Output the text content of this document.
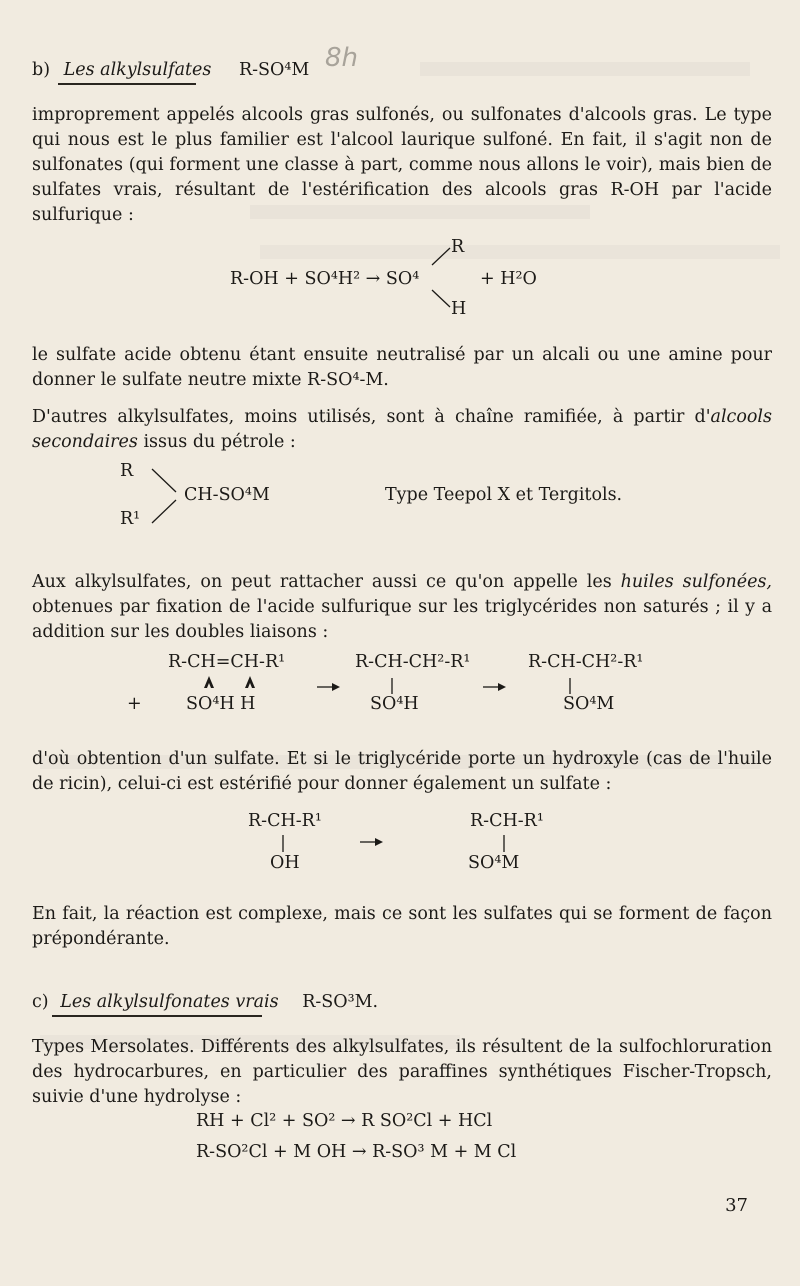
b) Les alkylsulfates R-SO⁴M 8h
improprement appelés alcools gras sulfonés, ou sulfonates d'alcools gras. Le type qui nous est le plus familier est l'alcool laurique sulfoné. En fait, il s'agit non de sulfonates (qui forment une classe à part, comme nous allons le voir), mais bien de sulfates vrais, résultant de l'estérification des alcools gras R-OH par l'acide sulfurique :
R-OH + SO⁴H² → SO⁴
R
H
+ H²O
le sulfate acide obtenu étant ensuite neutralisé par un alcali ou une amine pour donner le sulfate neutre mixte R-SO⁴-M.
D'autres alkylsulfates, moins utilisés, sont à chaîne ramifiée, à partir d'alcools secondaires issus du pétrole :
R
R¹
CH-SO⁴M	Type Teepol X et Tergitols.
Aux alkylsulfates, on peut rattacher aussi ce qu'on appelle les huiles sulfonées, obtenues par fixation de l'acide sulfurique sur les triglycérides non saturés ; il y a addition sur les doubles liaisons :
R-CH=CH-R¹	R-CH-CH²-R¹	R-CH-CH²-R¹
+	SO⁴H H	SO⁴H	SO⁴M
d'où obtention d'un sulfate. Et si le triglycéride porte un hydroxyle (cas de l'huile de ricin), celui-ci est estérifié pour donner également un sulfate :
R-CH-R¹
OH
R-CH-R¹
SO⁴M
En fait, la réaction est complexe, mais ce sont les sulfates qui se forment de façon prépondérante.
c) Les alkylsulfonates vrais R-SO³M.
Types Mersolates. Différents des alkylsulfates, ils résultent de la sulfochloruration des hydrocarbures, en particulier des paraffines synthétiques Fischer-Tropsch, suivie d'une hydrolyse :
RH + Cl² + SO² → R SO²Cl + HCl
R-SO²Cl + M OH → R-SO³ M + M Cl
37
